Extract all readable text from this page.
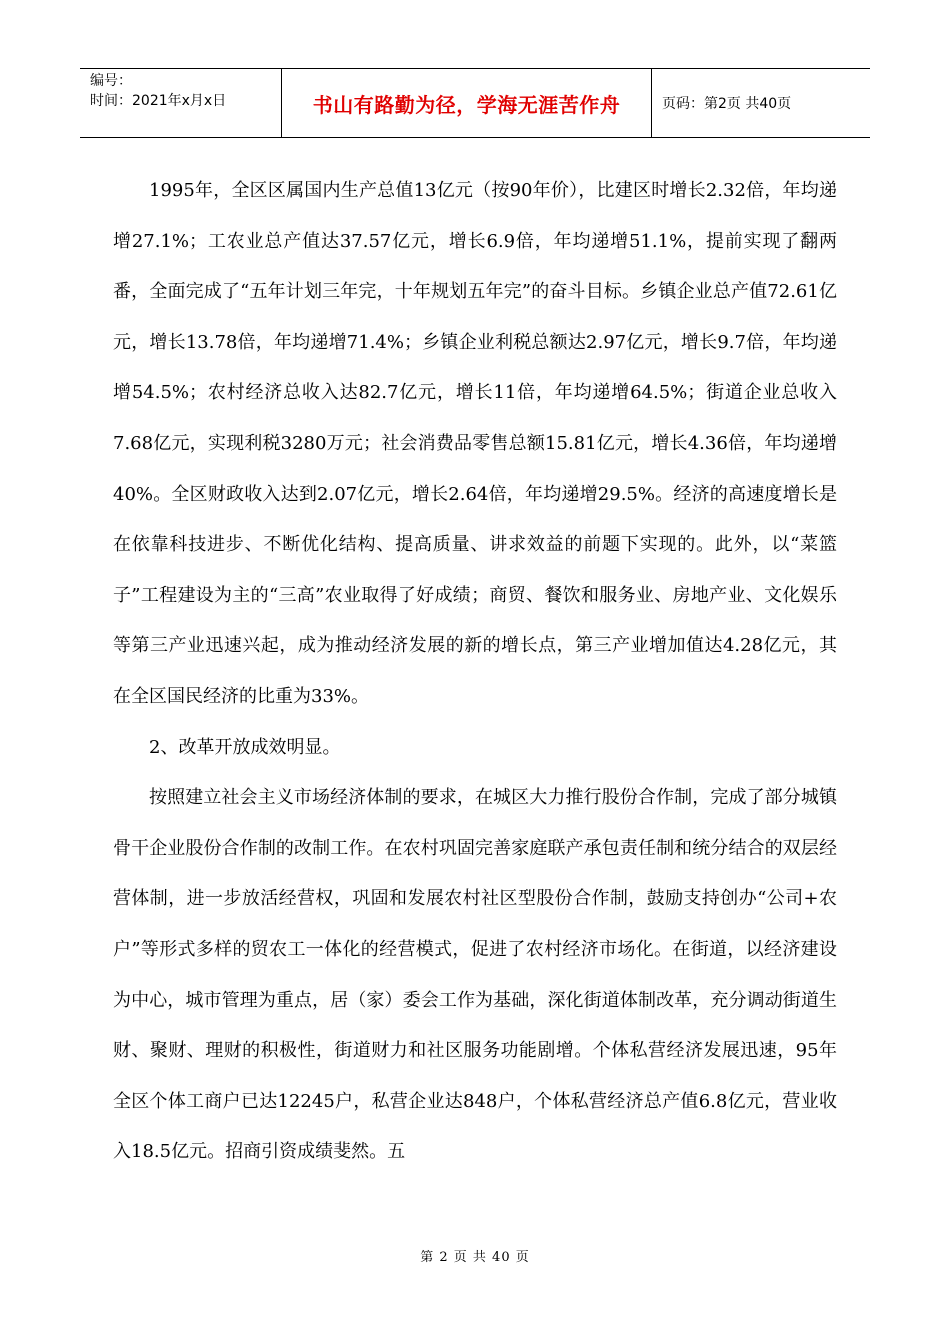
编号：
时间：2021年x月x日	书山有路勤为径，学海无涯苦作舟	页码：第2页 共40页

1995年，全区区属国内生产总值13亿元（按90年价），比建区时增长2.32倍，年均递增27.1%；工农业总产值达37.57亿元，增长6.9倍，年均递增51.1%，提前实现了翻两番，全面完成了“五年计划三年完，十年规划五年完”的奋斗目标。乡镇企业总产值72.61亿元，增长13.78倍，年均递增71.4%；乡镇企业利税总额达2.97亿元，增长9.7倍，年均递增54.5%；农村经济总收入达82.7亿元，增长11倍，年均递增64.5%；街道企业总收入7.68亿元，实现利税3280万元；社会消费品零售总额15.81亿元，增长4.36倍，年均递增40%。全区财政收入达到2.07亿元，增长2.64倍，年均递增29.5%。经济的高速度增长是在依靠科技进步、不断优化结构、提高质量、讲求效益的前题下实现的。此外，以“菜篮子”工程建设为主的“三高”农业取得了好成绩；商贸、餐饮和服务业、房地产业、文化娱乐等第三产业迅速兴起，成为推动经济发展的新的增长点，第三产业增加值达4.28亿元，其在全区国民经济的比重为33%。

2、改革开放成效明显。

按照建立社会主义市场经济体制的要求，在城区大力推行股份合作制，完成了部分城镇骨干企业股份合作制的改制工作。在农村巩固完善家庭联产承包责任制和统分结合的双层经营体制，进一步放活经营权，巩固和发展农村社区型股份合作制，鼓励支持创办“公司+农户”等形式多样的贸农工一体化的经营模式，促进了农村经济市场化。在街道，以经济建设为中心，城市管理为重点，居（家）委会工作为基础，深化街道体制改革，充分调动街道生财、聚财、理财的积极性，街道财力和社区服务功能剧增。个体私营经济发展迅速，95年全区个体工商户已达12245户，私营企业达848户，个体私营经济总产值6.8亿元，营业收入18.5亿元。招商引资成绩斐然。五

第 2 页 共 40 页
